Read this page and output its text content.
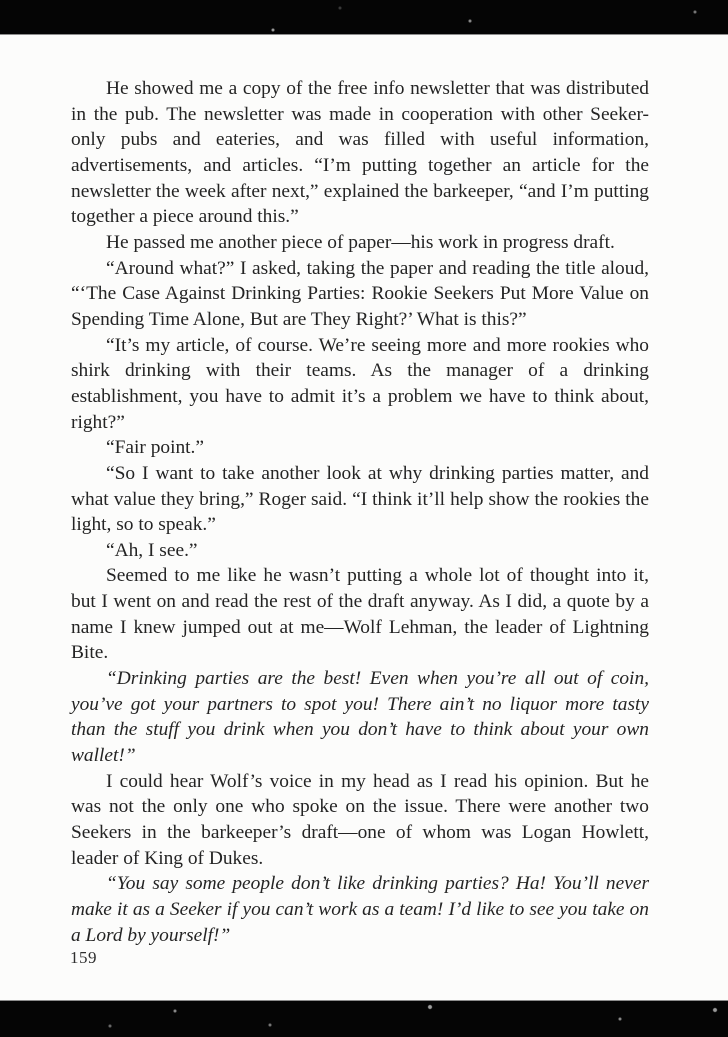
He showed me a copy of the free info newsletter that was distributed in the pub. The newsletter was made in cooperation with other Seeker-only pubs and eateries, and was filled with useful information, advertisements, and articles. “I’m putting together an article for the newsletter the week after next,” explained the barkeeper, “and I’m putting together a piece around this.”

He passed me another piece of paper—his work in progress draft.

“Around what?” I asked, taking the paper and reading the title aloud, “‘The Case Against Drinking Parties: Rookie Seekers Put More Value on Spending Time Alone, But are They Right?’ What is this?”

“It’s my article, of course. We’re seeing more and more rookies who shirk drinking with their teams. As the manager of a drinking establishment, you have to admit it’s a problem we have to think about, right?”

“Fair point.”

“So I want to take another look at why drinking parties matter, and what value they bring,” Roger said. “I think it’ll help show the rookies the light, so to speak.”

“Ah, I see.”

Seemed to me like he wasn’t putting a whole lot of thought into it, but I went on and read the rest of the draft anyway. As I did, a quote by a name I knew jumped out at me—Wolf Lehman, the leader of Lightning Bite.

“Drinking parties are the best! Even when you’re all out of coin, you’ve got your partners to spot you! There ain’t no liquor more tasty than the stuff you drink when you don’t have to think about your own wallet!”

I could hear Wolf’s voice in my head as I read his opinion. But he was not the only one who spoke on the issue. There were another two Seekers in the barkeeper’s draft—one of whom was Logan Howlett, leader of King of Dukes.

“You say some people don’t like drinking parties? Ha! You’ll never make it as a Seeker if you can’t work as a team! I’d like to see you take on a Lord by yourself!”

159
